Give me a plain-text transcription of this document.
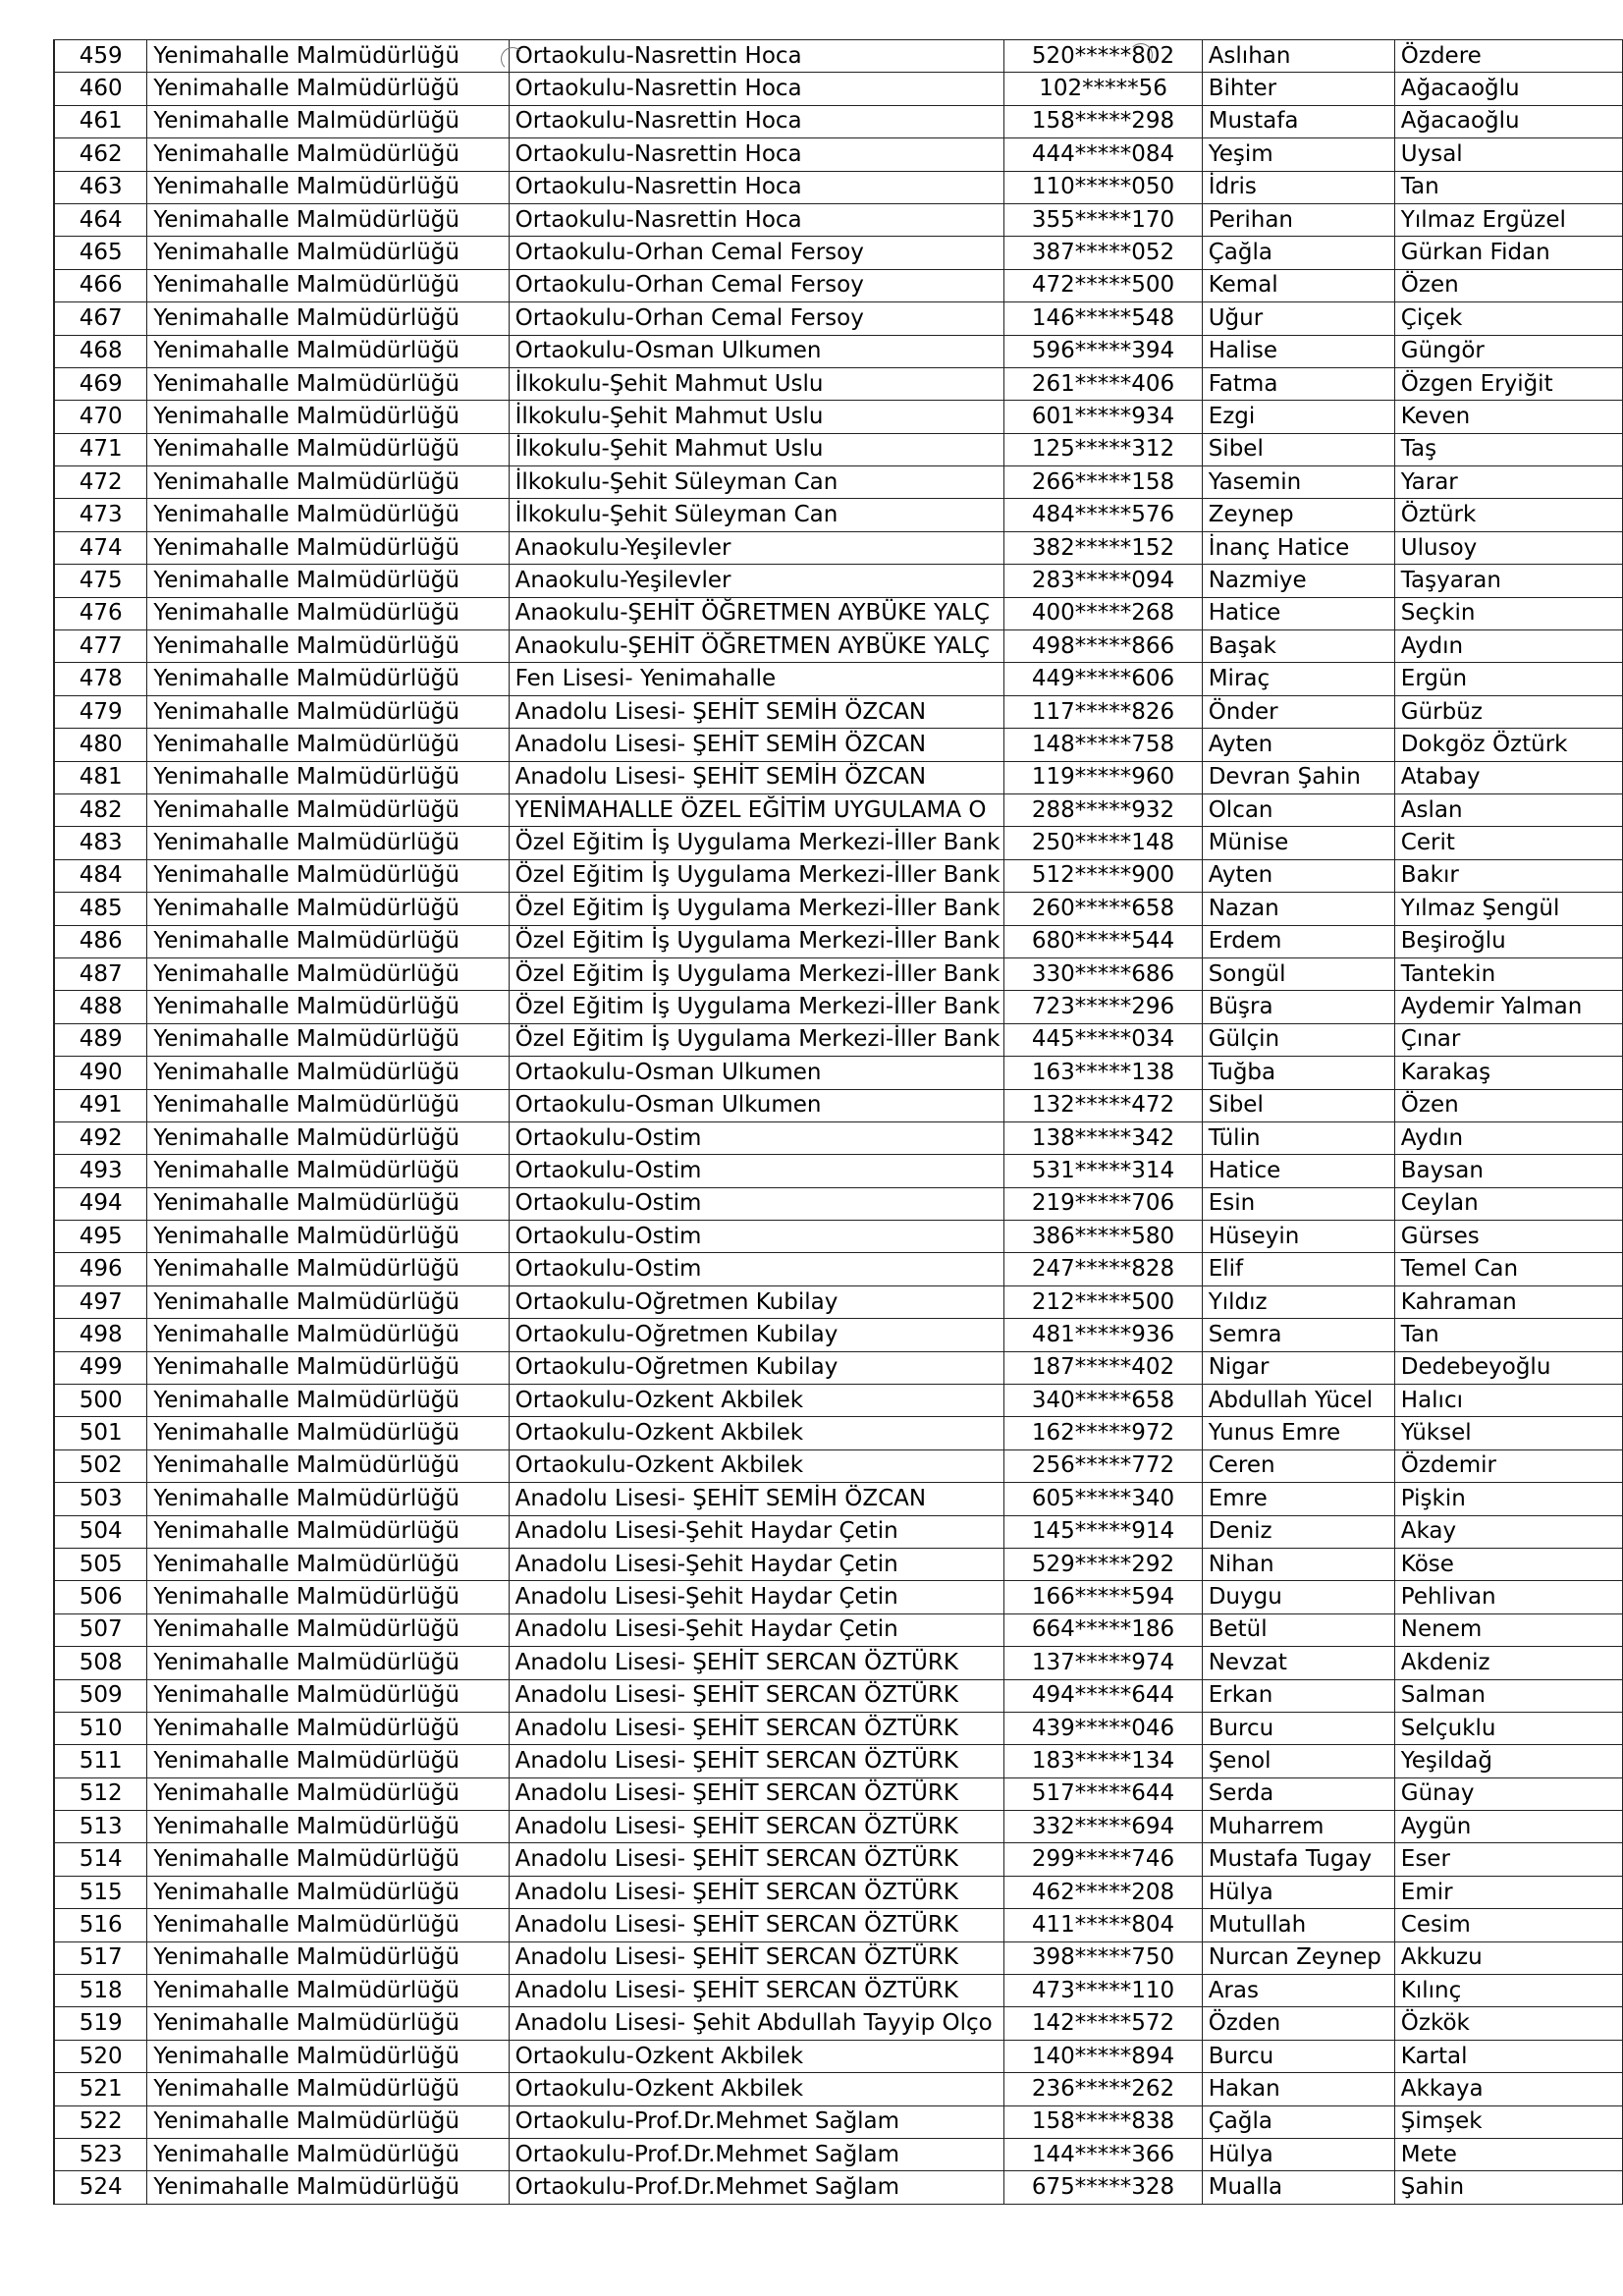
459	Yenimahalle Malmüdürlüğü	Ortaokulu-Nasrettin Hoca	520*****802	Aslıhan	Özdere
460	Yenimahalle Malmüdürlüğü	Ortaokulu-Nasrettin Hoca	102*****56	Bihter	Ağacaoğlu
461	Yenimahalle Malmüdürlüğü	Ortaokulu-Nasrettin Hoca	158*****298	Mustafa	Ağacaoğlu
462	Yenimahalle Malmüdürlüğü	Ortaokulu-Nasrettin Hoca	444*****084	Yeşim	Uysal
463	Yenimahalle Malmüdürlüğü	Ortaokulu-Nasrettin Hoca	110*****050	İdris	Tan
464	Yenimahalle Malmüdürlüğü	Ortaokulu-Nasrettin Hoca	355*****170	Perihan	Yılmaz Ergüzel
465	Yenimahalle Malmüdürlüğü	Ortaokulu-Orhan Cemal Fersoy	387*****052	Çağla	Gürkan Fidan
466	Yenimahalle Malmüdürlüğü	Ortaokulu-Orhan Cemal Fersoy	472*****500	Kemal	Özen
467	Yenimahalle Malmüdürlüğü	Ortaokulu-Orhan Cemal Fersoy	146*****548	Uğur	Çiçek
468	Yenimahalle Malmüdürlüğü	Ortaokulu-Osman Ulkumen	596*****394	Halise	Güngör
469	Yenimahalle Malmüdürlüğü	İlkokulu-Şehit Mahmut Uslu	261*****406	Fatma	Özgen Eryiğit
470	Yenimahalle Malmüdürlüğü	İlkokulu-Şehit Mahmut Uslu	601*****934	Ezgi	Keven
471	Yenimahalle Malmüdürlüğü	İlkokulu-Şehit Mahmut Uslu	125*****312	Sibel	Taş
472	Yenimahalle Malmüdürlüğü	İlkokulu-Şehit Süleyman Can	266*****158	Yasemin	Yarar
473	Yenimahalle Malmüdürlüğü	İlkokulu-Şehit Süleyman Can	484*****576	Zeynep	Öztürk
474	Yenimahalle Malmüdürlüğü	Anaokulu-Yeşilevler	382*****152	İnanç Hatice	Ulusoy
475	Yenimahalle Malmüdürlüğü	Anaokulu-Yeşilevler	283*****094	Nazmiye	Taşyaran
476	Yenimahalle Malmüdürlüğü	Anaokulu-ŞEHİT ÖĞRETMEN AYBÜKE YALÇ	400*****268	Hatice	Seçkin
477	Yenimahalle Malmüdürlüğü	Anaokulu-ŞEHİT ÖĞRETMEN AYBÜKE YALÇ	498*****866	Başak	Aydın
478	Yenimahalle Malmüdürlüğü	Fen Lisesi- Yenimahalle	449*****606	Miraç	Ergün
479	Yenimahalle Malmüdürlüğü	Anadolu Lisesi- ŞEHİT SEMİH ÖZCAN	117*****826	Önder	Gürbüz
480	Yenimahalle Malmüdürlüğü	Anadolu Lisesi- ŞEHİT SEMİH ÖZCAN	148*****758	Ayten	Dokgöz Öztürk
481	Yenimahalle Malmüdürlüğü	Anadolu Lisesi- ŞEHİT SEMİH ÖZCAN	119*****960	Devran Şahin	Atabay
482	Yenimahalle Malmüdürlüğü	YENİMAHALLE ÖZEL EĞİTİM UYGULAMA O	288*****932	Olcan	Aslan
483	Yenimahalle Malmüdürlüğü	Özel Eğitim İş Uygulama Merkezi-İller Bank	250*****148	Münise	Cerit
484	Yenimahalle Malmüdürlüğü	Özel Eğitim İş Uygulama Merkezi-İller Bank	512*****900	Ayten	Bakır
485	Yenimahalle Malmüdürlüğü	Özel Eğitim İş Uygulama Merkezi-İller Bank	260*****658	Nazan	Yılmaz Şengül
486	Yenimahalle Malmüdürlüğü	Özel Eğitim İş Uygulama Merkezi-İller Bank	680*****544	Erdem	Beşiroğlu
487	Yenimahalle Malmüdürlüğü	Özel Eğitim İş Uygulama Merkezi-İller Bank	330*****686	Songül	Tantekin
488	Yenimahalle Malmüdürlüğü	Özel Eğitim İş Uygulama Merkezi-İller Bank	723*****296	Büşra	Aydemir Yalman
489	Yenimahalle Malmüdürlüğü	Özel Eğitim İş Uygulama Merkezi-İller Bank	445*****034	Gülçin	Çınar
490	Yenimahalle Malmüdürlüğü	Ortaokulu-Osman Ulkumen	163*****138	Tuğba	Karakaş
491	Yenimahalle Malmüdürlüğü	Ortaokulu-Osman Ulkumen	132*****472	Sibel	Özen
492	Yenimahalle Malmüdürlüğü	Ortaokulu-Ostim	138*****342	Tülin	Aydın
493	Yenimahalle Malmüdürlüğü	Ortaokulu-Ostim	531*****314	Hatice	Baysan
494	Yenimahalle Malmüdürlüğü	Ortaokulu-Ostim	219*****706	Esin	Ceylan
495	Yenimahalle Malmüdürlüğü	Ortaokulu-Ostim	386*****580	Hüseyin	Gürses
496	Yenimahalle Malmüdürlüğü	Ortaokulu-Ostim	247*****828	Elif	Temel Can
497	Yenimahalle Malmüdürlüğü	Ortaokulu-Oğretmen Kubilay	212*****500	Yıldız	Kahraman
498	Yenimahalle Malmüdürlüğü	Ortaokulu-Oğretmen Kubilay	481*****936	Semra	Tan
499	Yenimahalle Malmüdürlüğü	Ortaokulu-Oğretmen Kubilay	187*****402	Nigar	Dedebeyoğlu
500	Yenimahalle Malmüdürlüğü	Ortaokulu-Ozkent Akbilek	340*****658	Abdullah Yücel	Halıcı
501	Yenimahalle Malmüdürlüğü	Ortaokulu-Ozkent Akbilek	162*****972	Yunus Emre	Yüksel
502	Yenimahalle Malmüdürlüğü	Ortaokulu-Ozkent Akbilek	256*****772	Ceren	Özdemir
503	Yenimahalle Malmüdürlüğü	Anadolu Lisesi- ŞEHİT SEMİH ÖZCAN	605*****340	Emre	Pişkin
504	Yenimahalle Malmüdürlüğü	Anadolu Lisesi-Şehit Haydar Çetin	145*****914	Deniz	Akay
505	Yenimahalle Malmüdürlüğü	Anadolu Lisesi-Şehit Haydar Çetin	529*****292	Nihan	Köse
506	Yenimahalle Malmüdürlüğü	Anadolu Lisesi-Şehit Haydar Çetin	166*****594	Duygu	Pehlivan
507	Yenimahalle Malmüdürlüğü	Anadolu Lisesi-Şehit Haydar Çetin	664*****186	Betül	Nenem
508	Yenimahalle Malmüdürlüğü	Anadolu Lisesi- ŞEHİT SERCAN ÖZTÜRK	137*****974	Nevzat	Akdeniz
509	Yenimahalle Malmüdürlüğü	Anadolu Lisesi- ŞEHİT SERCAN ÖZTÜRK	494*****644	Erkan	Salman
510	Yenimahalle Malmüdürlüğü	Anadolu Lisesi- ŞEHİT SERCAN ÖZTÜRK	439*****046	Burcu	Selçuklu
511	Yenimahalle Malmüdürlüğü	Anadolu Lisesi- ŞEHİT SERCAN ÖZTÜRK	183*****134	Şenol	Yeşildağ
512	Yenimahalle Malmüdürlüğü	Anadolu Lisesi- ŞEHİT SERCAN ÖZTÜRK	517*****644	Serda	Günay
513	Yenimahalle Malmüdürlüğü	Anadolu Lisesi- ŞEHİT SERCAN ÖZTÜRK	332*****694	Muharrem	Aygün
514	Yenimahalle Malmüdürlüğü	Anadolu Lisesi- ŞEHİT SERCAN ÖZTÜRK	299*****746	Mustafa Tugay	Eser
515	Yenimahalle Malmüdürlüğü	Anadolu Lisesi- ŞEHİT SERCAN ÖZTÜRK	462*****208	Hülya	Emir
516	Yenimahalle Malmüdürlüğü	Anadolu Lisesi- ŞEHİT SERCAN ÖZTÜRK	411*****804	Mutullah	Cesim
517	Yenimahalle Malmüdürlüğü	Anadolu Lisesi- ŞEHİT SERCAN ÖZTÜRK	398*****750	Nurcan Zeynep	Akkuzu
518	Yenimahalle Malmüdürlüğü	Anadolu Lisesi- ŞEHİT SERCAN ÖZTÜRK	473*****110	Aras	Kılınç
519	Yenimahalle Malmüdürlüğü	Anadolu Lisesi- Şehit Abdullah Tayyip Olço	142*****572	Özden	Özkök
520	Yenimahalle Malmüdürlüğü	Ortaokulu-Ozkent Akbilek	140*****894	Burcu	Kartal
521	Yenimahalle Malmüdürlüğü	Ortaokulu-Ozkent Akbilek	236*****262	Hakan	Akkaya
522	Yenimahalle Malmüdürlüğü	Ortaokulu-Prof.Dr.Mehmet Sağlam	158*****838	Çağla	Şimşek
523	Yenimahalle Malmüdürlüğü	Ortaokulu-Prof.Dr.Mehmet Sağlam	144*****366	Hülya	Mete
524	Yenimahalle Malmüdürlüğü	Ortaokulu-Prof.Dr.Mehmet Sağlam	675*****328	Mualla	Şahin
